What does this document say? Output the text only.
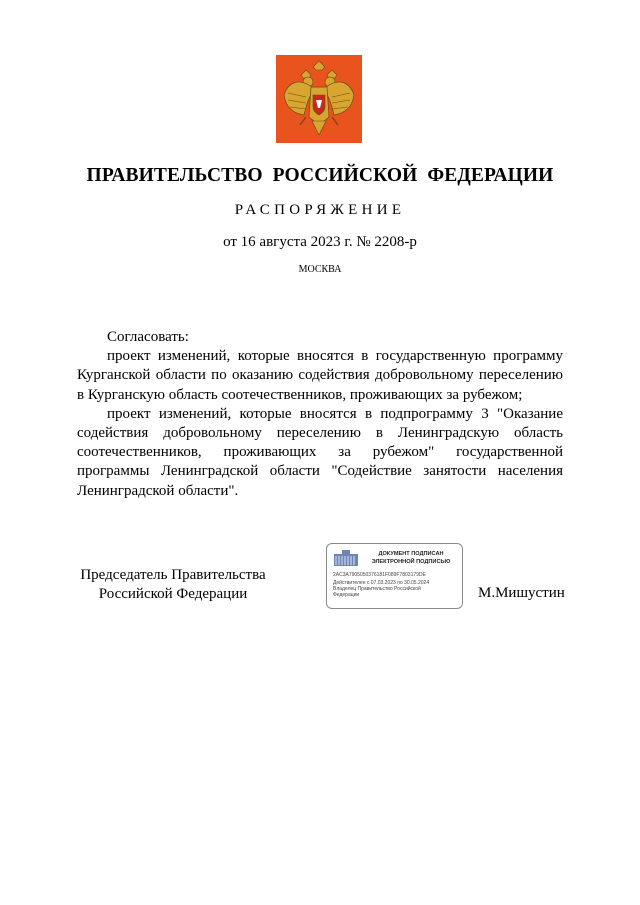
ПРАВИТЕЛЬСТВО РОССИЙСКОЙ ФЕДЕРАЦИИ
РАСПОРЯЖЕНИЕ
от 16 августа 2023 г. № 2208-р
МОСКВА

Согласовать:

проект изменений, которые вносятся в государственную программу Курганской области по оказанию содействия добровольному переселению в Курганскую область соотечественников, проживающих за рубежом;

проект изменений, которые вносятся в подпрограмму 3 "Оказание содействия добровольному переселению в Ленинградскую область соотечественников, проживающих за рубежом" государственной программы Ленинградской области "Содействие занятости населения Ленинградской области".

Председатель Правительства
Российской Федерации
ДОКУМЕНТ ПОДПИСАН
ЭЛЕКТРОННОЙ ПОДПИСЬЮ
2AC3A7905050376181F089F7803179DE
Действителен с 07.03.2023 по 30.05.2024
Владелец Правительство Российской
Федерации	М.Мишустин
